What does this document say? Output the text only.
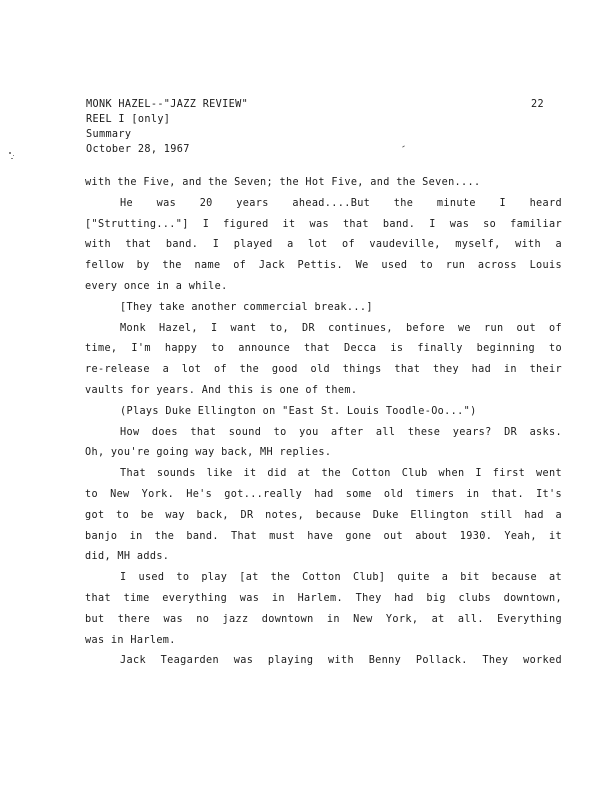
MONK HAZEL--"JAZZ REVIEW"
REEL I [only]
Summary
October 28, 1967
22
with the Five, and the Seven; the Hot Five, and the Seven....
He was 20 years ahead....But the minute I heard
["Strutting..."] I figured it was that band. I was so familiar
with that band. I played a lot of vaudeville, myself, with a
fellow by the name of Jack Pettis. We used to run across Louis
every once in a while.
[They take another commercial break...]
Monk Hazel, I want to, DR continues, before we run out of
time, I'm happy to announce that Decca is finally beginning to
re-release a lot of the good old things that they had in their
vaults for years. And this is one of them.
(Plays Duke Ellington on "East St. Louis Toodle-Oo...")
How does that sound to you after all these years? DR asks.
Oh, you're going way back, MH replies.
That sounds like it did at the Cotton Club when I first went
to New York. He's got...really had some old timers in that. It's
got to be way back, DR notes, because Duke Ellington still had a
banjo in the band. That must have gone out about 1930. Yeah, it
did, MH adds.
I used to play [at the Cotton Club] quite a bit because at
that time everything was in Harlem. They had big clubs downtown,
but there was no jazz downtown in New York, at all. Everything
was in Harlem.
Jack Teagarden was playing with Benny Pollack. They worked
